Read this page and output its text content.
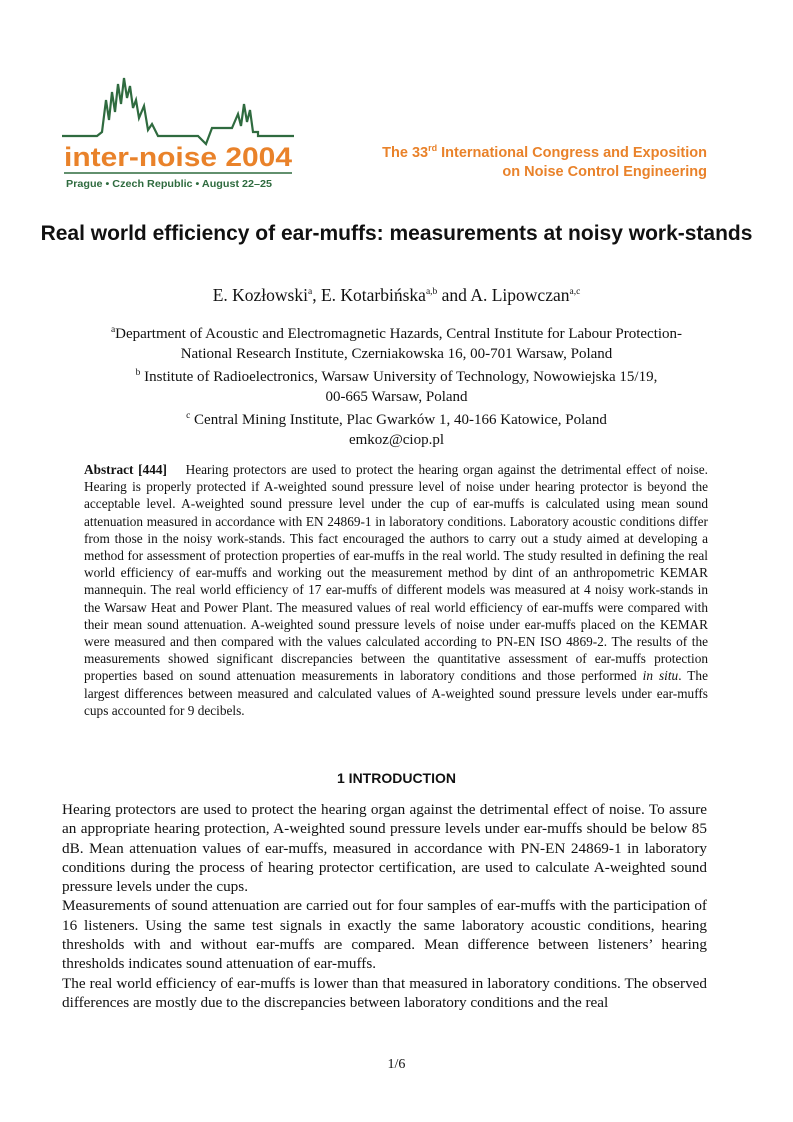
inter-noise 2004
Prague • Czech Republic • August 22–25
The 33rd International Congress and Exposition
on Noise Control Engineering
Real world efficiency of ear-muffs: measurements at noisy work-stands
E. Kozłowski$^a$, E. Kotarbińska$^{a,b}$ and A. Lipowczan$^{a,c}$
$^a$Department of Acoustic and Electromagnetic Hazards, Central Institute for Labour Protection-
National Research Institute, Czerniakowska 16, 00-701 Warsaw, Poland
$^b$ Institute of Radioelectronics, Warsaw University of Technology, Nowowiejska 15/19,
00-665 Warsaw, Poland
$^c$ Central Mining Institute, Plac Gwarków 1, 40-166 Katowice, Poland
emkoz@ciop.pl

Abstract [444] Hearing protectors are used to protect the hearing organ against the detrimental effect of noise. Hearing is properly protected if A-weighted sound pressure level of noise under hearing protector is beyond the acceptable level. A-weighted sound pressure level under the cup of ear-muffs is calculated using mean sound attenuation measured in accordance with EN 24869-1 in laboratory conditions. Laboratory acoustic conditions differ from those in the noisy work-stands. This fact encouraged the authors to carry out a study aimed at developing a method for assessment of protection properties of ear-muffs in the real world. The study resulted in defining the real world efficiency of ear-muffs and working out the measurement method by dint of an anthropometric KEMAR mannequin. The real world efficiency of 17 ear-muffs of different models was measured at 4 noisy work-stands in the Warsaw Heat and Power Plant. The measured values of real world efficiency of ear-muffs were compared with their mean sound attenuation. A-weighted sound pressure levels of noise under ear-muffs placed on the KEMAR were measured and then compared with the values calculated according to PN-EN ISO 4869-2. The results of the measurements showed significant discrepancies between the quantitative assessment of ear-muffs protection properties based on sound attenuation measurements in laboratory conditions and those performed in situ. The largest differences between measured and calculated values of A-weighted sound pressure levels under ear-muffs cups accounted for 9 decibels.

1 INTRODUCTION

Hearing protectors are used to protect the hearing organ against the detrimental effect of noise. To assure an appropriate hearing protection, A-weighted sound pressure levels under ear-muffs should be below 85 dB. Mean attenuation values of ear-muffs, measured in accordance with PN-EN 24869-1 in laboratory conditions during the process of hearing protector certification, are used to calculate A-weighted sound pressure levels under the cups.

Measurements of sound attenuation are carried out for four samples of ear-muffs with the participation of 16 listeners. Using the same test signals in exactly the same laboratory acoustic conditions, hearing thresholds with and without ear-muffs are compared. Mean difference between listeners’ hearing thresholds indicates sound attenuation of ear-muffs.

The real world efficiency of ear-muffs is lower than that measured in laboratory conditions. The observed differences are mostly due to the discrepancies between laboratory conditions and the real

1/6
